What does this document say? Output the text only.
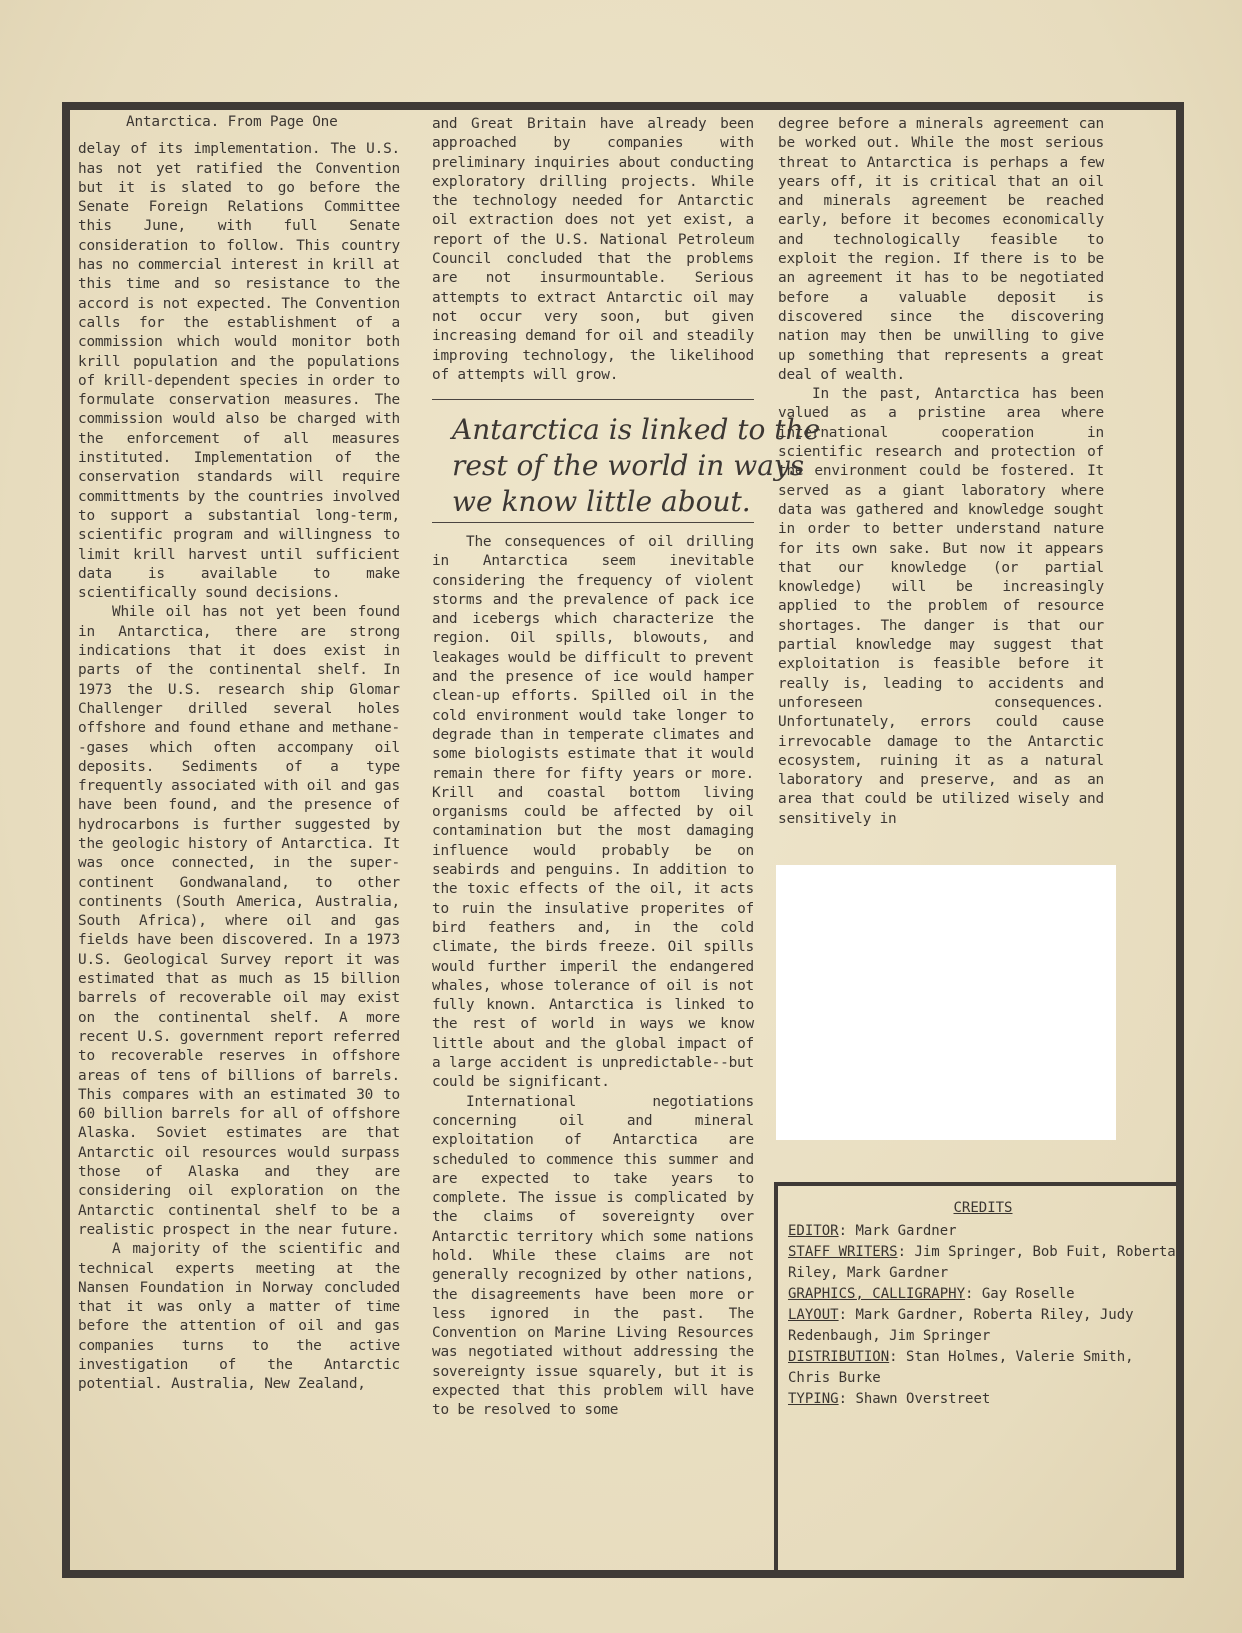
Antarctica. From Page One

delay of its implementation. The U.S. has not yet ratified the Convention but it is slated to go before the Senate Foreign Relations Committee this June, with full Senate consideration to follow. This country has no commercial interest in krill at this time and so resistance to the accord is not expected. The Convention calls for the establishment of a commission which would monitor both krill population and the populations of krill-dependent species in order to formulate conservation measures. The commission would also be charged with the enforcement of all measures instituted. Implementation of the conservation standards will require committments by the countries involved to support a substantial long-term, scientific program and willingness to limit krill harvest until sufficient data is available to make scientifically sound decisions.

While oil has not yet been found in Antarctica, there are strong indications that it does exist in parts of the continental shelf. In 1973 the U.S. research ship Glomar Challenger drilled several holes offshore and found ethane and methane--gases which often accompany oil deposits. Sediments of a type frequently associated with oil and gas have been found, and the presence of hydrocarbons is further suggested by the geologic history of Antarctica. It was once connected, in the super-continent Gondwanaland, to other continents (South America, Australia, South Africa), where oil and gas fields have been discovered. In a 1973 U.S. Geological Survey report it was estimated that as much as 15 billion barrels of recoverable oil may exist on the continental shelf. A more recent U.S. government report referred to recoverable reserves in offshore areas of tens of billions of barrels. This compares with an estimated 30 to 60 billion barrels for all of offshore Alaska. Soviet estimates are that Antarctic oil resources would surpass those of Alaska and they are considering oil exploration on the Antarctic continental shelf to be a realistic prospect in the near future.

A majority of the scientific and technical experts meeting at the Nansen Foundation in Norway concluded that it was only a matter of time before the attention of oil and gas companies turns to the active investigation of the Antarctic potential. Australia, New Zealand,

and Great Britain have already been approached by companies with preliminary inquiries about conducting exploratory drilling projects. While the technology needed for Antarctic oil extraction does not yet exist, a report of the U.S. National Petroleum Council concluded that the problems are not insurmountable. Serious attempts to extract Antarctic oil may not occur very soon, but given increasing demand for oil and steadily improving technology, the likelihood of attempts will grow.

Antarctica is linked to the
rest of the world in ways
we know little about.

The consequences of oil drilling in Antarctica seem inevitable considering the frequency of violent storms and the prevalence of pack ice and icebergs which characterize the region. Oil spills, blowouts, and leakages would be difficult to prevent and the presence of ice would hamper clean-up efforts. Spilled oil in the cold environment would take longer to degrade than in temperate climates and some biologists estimate that it would remain there for fifty years or more. Krill and coastal bottom living organisms could be affected by oil contamination but the most damaging influence would probably be on seabirds and penguins. In addition to the toxic effects of the oil, it acts to ruin the insulative properites of bird feathers and, in the cold climate, the birds freeze. Oil spills would further imperil the endangered whales, whose tolerance of oil is not fully known. Antarctica is linked to the rest of world in ways we know little about and the global impact of a large accident is unpredictable--but could be significant.

International negotiations concerning oil and mineral exploitation of Antarctica are scheduled to commence this summer and are expected to take years to complete. The issue is complicated by the claims of sovereignty over Antarctic territory which some nations hold. While these claims are not generally recognized by other nations, the disagreements have been more or less ignored in the past. The Convention on Marine Living Resources was negotiated without addressing the sovereignty issue squarely, but it is expected that this problem will have to be resolved to some

degree before a minerals agreement can be worked out. While the most serious threat to Antarctica is perhaps a few years off, it is critical that an oil and minerals agreement be reached early, before it becomes economically and technologically feasible to exploit the region. If there is to be an agreement it has to be negotiated before a valuable deposit is discovered since the discovering nation may then be unwilling to give up something that represents a great deal of wealth.

In the past, Antarctica has been valued as a pristine area where international cooperation in scientific research and protection of the environment could be fostered. It served as a giant laboratory where data was gathered and knowledge sought in order to better understand nature for its own sake. But now it appears that our knowledge (or partial knowledge) will be increasingly applied to the problem of resource shortages. The danger is that our partial knowledge may suggest that exploitation is feasible before it really is, leading to accidents and unforeseen consequences. Unfortunately, errors could cause irrevocable damage to the Antarctic ecosystem, ruining it as a natural laboratory and preserve, and as an area that could be utilized wisely and sensitively in

CREDITS
EDITOR: Mark Gardner
STAFF WRITERS: Jim Springer, Bob Fuit, Roberta Riley, Mark Gardner
GRAPHICS, CALLIGRAPHY: Gay Roselle
LAYOUT: Mark Gardner, Roberta Riley, Judy Redenbaugh, Jim Springer
DISTRIBUTION: Stan Holmes, Valerie Smith, Chris Burke
TYPING: Shawn Overstreet
